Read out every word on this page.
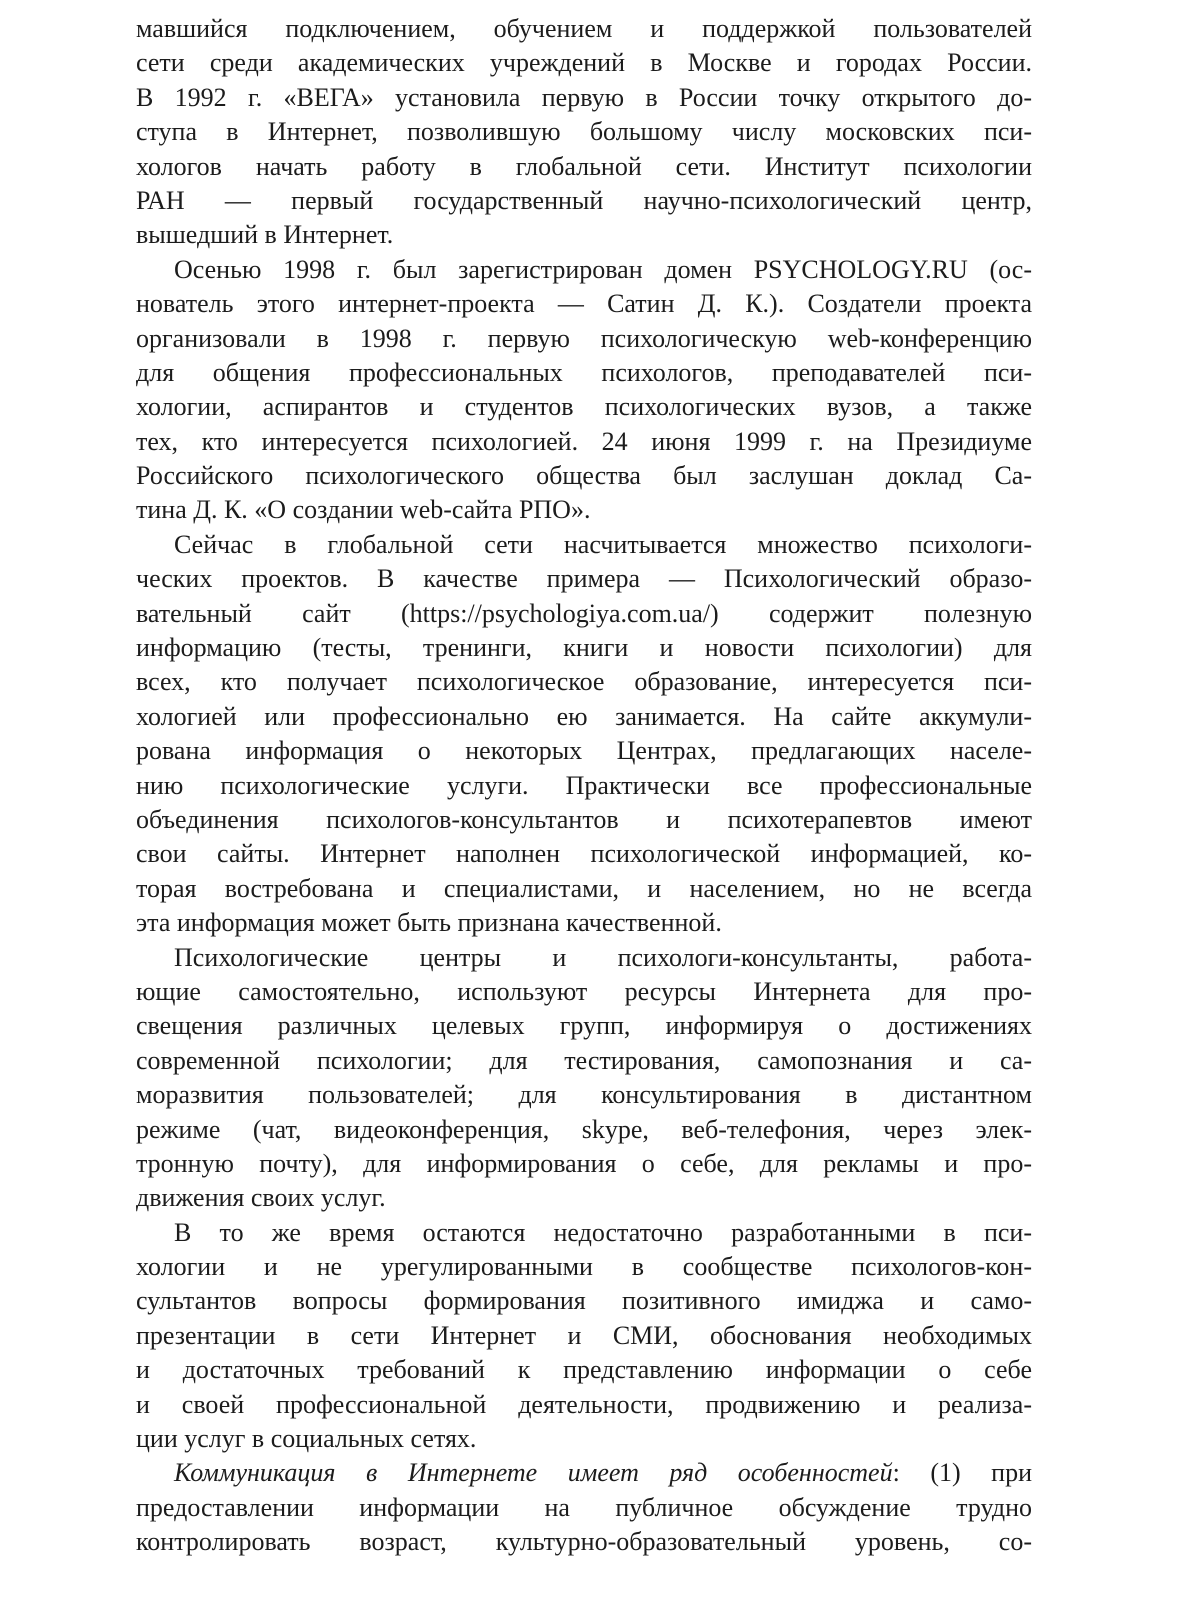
мавшийся подключением, обучением и поддержкой пользователей
сети среди академических учреждений в Москве и городах России.
В 1992 г. «ВЕГА» установила первую в России точку открытого до-
ступа в Интернет, позволившую большому числу московских пси-
хологов начать работу в глобальной сети. Институт психологии
РАН — первый государственный научно-психологический центр,
вышедший в Интернет.
Осенью 1998 г. был зарегистрирован домен PSYCHOLOGY.RU (ос-
нователь этого интернет-проекта — Сатин Д. К.). Создатели проекта
организовали в 1998 г. первую психологическую web-конференцию
для общения профессиональных психологов, преподавателей пси-
хологии, аспирантов и студентов психологических вузов, а также
тех, кто интересуется психологией. 24 июня 1999 г. на Президиуме
Российского психологического общества был заслушан доклад Са-
тина Д. К. «О создании web-сайта РПО».
Сейчас в глобальной сети насчитывается множество психологи-
ческих проектов. В качестве примера — Психологический образо-
вательный сайт (https://psychologiya.com.ua/) содержит полезную
информацию (тесты, тренинги, книги и новости психологии) для
всех, кто получает психологическое образование, интересуется пси-
хологией или профессионально ею занимается. На сайте аккумули-
рована информация о некоторых Центрах, предлагающих населе-
нию психологические услуги. Практически все профессиональные
объединения психологов-консультантов и психотерапевтов имеют
свои сайты. Интернет наполнен психологической информацией, ко-
торая востребована и специалистами, и населением, но не всегда
эта информация может быть признана качественной.
Психологические центры и психологи-консультанты, работа-
ющие самостоятельно, используют ресурсы Интернета для про-
свещения различных целевых групп, информируя о достижениях
современной психологии; для тестирования, самопознания и са-
моразвития пользователей; для консультирования в дистантном
режиме (чат, видеоконференция, skype, веб-телефония, через элек-
тронную почту), для информирования о себе, для рекламы и про-
движения своих услуг.
В то же время остаются недостаточно разработанными в пси-
хологии и не урегулированными в сообществе психологов-кон-
сультантов вопросы формирования позитивного имиджа и само-
презентации в сети Интернет и СМИ, обоснования необходимых
и достаточных требований к представлению информации о себе
и своей профессиональной деятельности, продвижению и реализа-
ции услуг в социальных сетях.
Коммуникация в Интернете имеет ряд особенностей: (1) при
предоставлении информации на публичное обсуждение трудно
контролировать возраст, культурно-образовательный уровень, со-
